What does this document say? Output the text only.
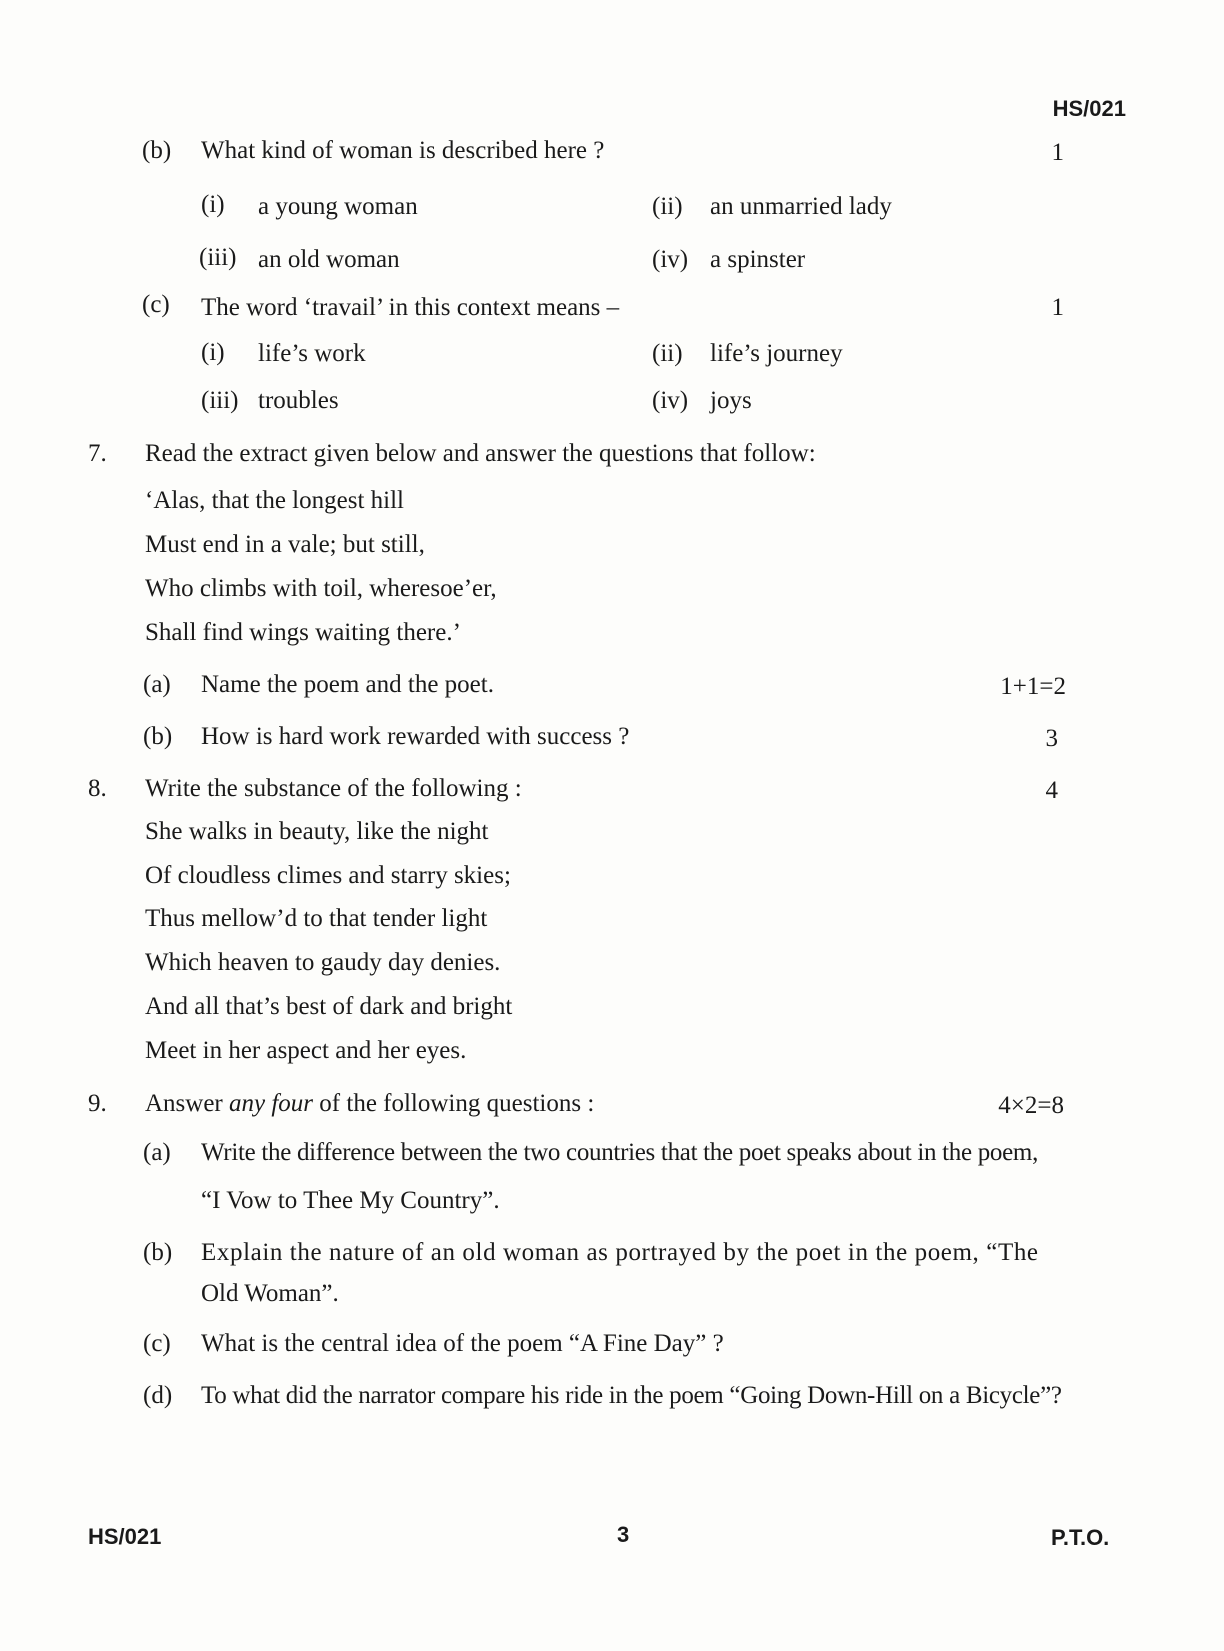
HS/021
(b) What kind of woman is described here ?	1
(i) a young woman	(ii) an unmarried lady
(iii) an old woman	(iv) a spinster
(c) The word ‘travail’ in this context means –	1
(i) life’s work	(ii) life’s journey
(iii) troubles	(iv) joys
7. Read the extract given below and answer the questions that follow:
‘Alas, that the longest hill
Must end in a vale; but still,
Who climbs with toil, wheresoe’er,
Shall find wings waiting there.’
(a) Name the poem and the poet.	1+1=2
(b) How is hard work rewarded with success ?	3
8. Write the substance of the following :	4
She walks in beauty, like the night
Of cloudless climes and starry skies;
Thus mellow’d to that tender light
Which heaven to gaudy day denies.
And all that’s best of dark and bright
Meet in her aspect and her eyes.
9. Answer any four of the following questions :	4×2=8
(a) Write the difference between the two countries that the poet speaks about in the poem,
“I Vow to Thee My Country”.
(b) Explain the nature of an old woman as portrayed by the poet in the poem, “The
Old Woman”.
(c) What is the central idea of the poem “A Fine Day” ?
(d) To what did the narrator compare his ride in the poem “Going Down-Hill on a Bicycle”?
HS/021	3	P.T.O.
